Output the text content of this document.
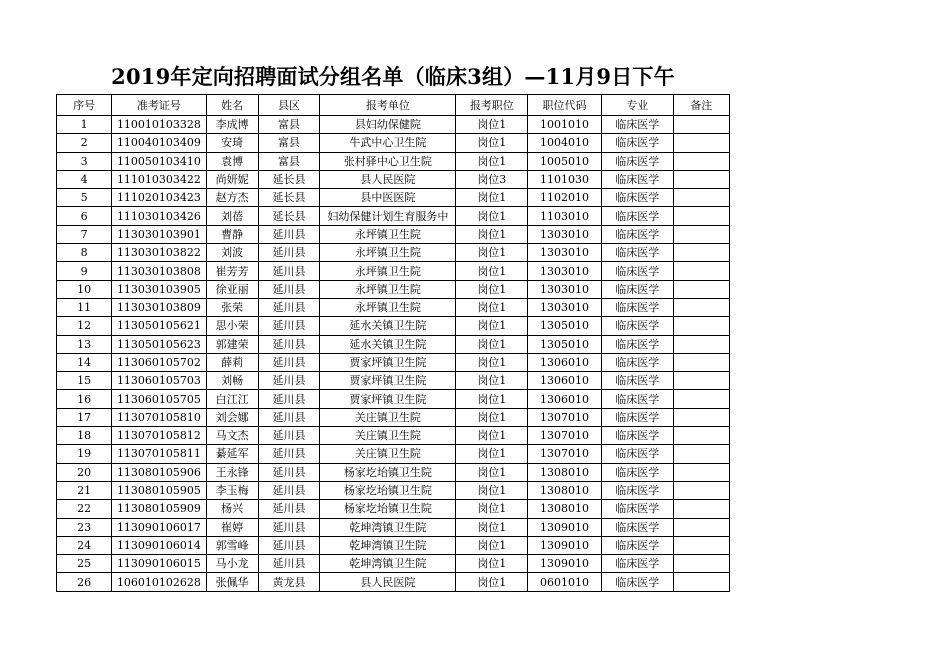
2019年定向招聘面试分组名单（临床3组）—11月9日下午
序号	准考证号	姓名	县区	报考单位	报考职位	职位代码	专业	备注
1	110010103328	李成博	富县	县妇幼保健院	岗位1	1001010	临床医学	
2	110040103409	安琦	富县	牛武中心卫生院	岗位1	1004010	临床医学	
3	110050103410	袁博	富县	张村驿中心卫生院	岗位1	1005010	临床医学	
4	111010303422	尚妍妮	延长县	县人民医院	岗位3	1101030	临床医学	
5	111020103423	赵方杰	延长县	县中医医院	岗位1	1102010	临床医学	
6	111030103426	刘蓓	延长县	妇幼保健计划生育服务中	岗位1	1103010	临床医学	
7	113030103901	曹静	延川县	永坪镇卫生院	岗位1	1303010	临床医学	
8	113030103822	刘波	延川县	永坪镇卫生院	岗位1	1303010	临床医学	
9	113030103808	崔芳芳	延川县	永坪镇卫生院	岗位1	1303010	临床医学	
10	113030103905	徐亚丽	延川县	永坪镇卫生院	岗位1	1303010	临床医学	
11	113030103809	张荣	延川县	永坪镇卫生院	岗位1	1303010	临床医学	
12	113050105621	思小荣	延川县	延水关镇卫生院	岗位1	1305010	临床医学	
13	113050105623	郭建荣	延川县	延水关镇卫生院	岗位1	1305010	临床医学	
14	113060105702	薛莉	延川县	贾家坪镇卫生院	岗位1	1306010	临床医学	
15	113060105703	刘畅	延川县	贾家坪镇卫生院	岗位1	1306010	临床医学	
16	113060105705	白江江	延川县	贾家坪镇卫生院	岗位1	1306010	临床医学	
17	113070105810	刘会娜	延川县	关庄镇卫生院	岗位1	1307010	临床医学	
18	113070105812	马文杰	延川县	关庄镇卫生院	岗位1	1307010	临床医学	
19	113070105811	綦延军	延川县	关庄镇卫生院	岗位1	1307010	临床医学	
20	113080105906	王永锋	延川县	杨家圪坮镇卫生院	岗位1	1308010	临床医学	
21	113080105905	李玉梅	延川县	杨家圪坮镇卫生院	岗位1	1308010	临床医学	
22	113080105909	杨兴	延川县	杨家圪坮镇卫生院	岗位1	1308010	临床医学	
23	113090106017	崔婷	延川县	乾坤湾镇卫生院	岗位1	1309010	临床医学	
24	113090106014	郭雪峰	延川县	乾坤湾镇卫生院	岗位1	1309010	临床医学	
25	113090106015	马小龙	延川县	乾坤湾镇卫生院	岗位1	1309010	临床医学	
26	106010102628	张佩华	黄龙县	县人民医院	岗位1	0601010	临床医学	
